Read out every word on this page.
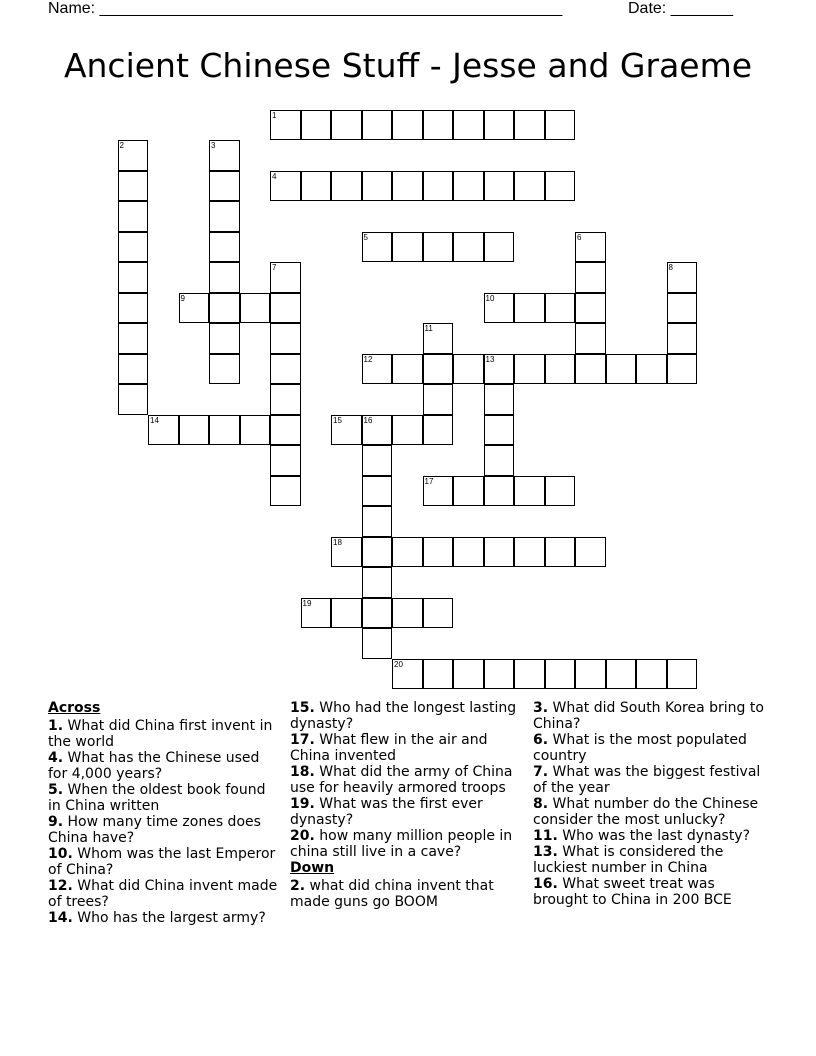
Name: ____________________________________________________	Date: _______
Ancient Chinese Stuff - Jesse and Graeme
1
2	3
4
5	6
7	8
9	10
11
12	13
14	15	16
17
18
19
20

Across

1. What did China first invent in the world

4. What has the Chinese used for 4,000 years?

5. When the oldest book found in China written

9. How many time zones does China have?

10. Whom was the last Emperor of China?

12. What did China invent made of trees?

14. Who has the largest army?

15. Who had the longest lasting dynasty?

17. What flew in the air and China invented

18. What did the army of China use for heavily armored troops

19. What was the first ever dynasty?

20. how many million people in china still live in a cave?

Down

2. what did china invent that made guns go BOOM

3. What did South Korea bring to China?

6. What is the most populated country

7. What was the biggest festival of the year

8. What number do the Chinese consider the most unlucky?

11. Who was the last dynasty?

13. What is considered the luckiest number in China

16. What sweet treat was brought to China in 200 BCE
